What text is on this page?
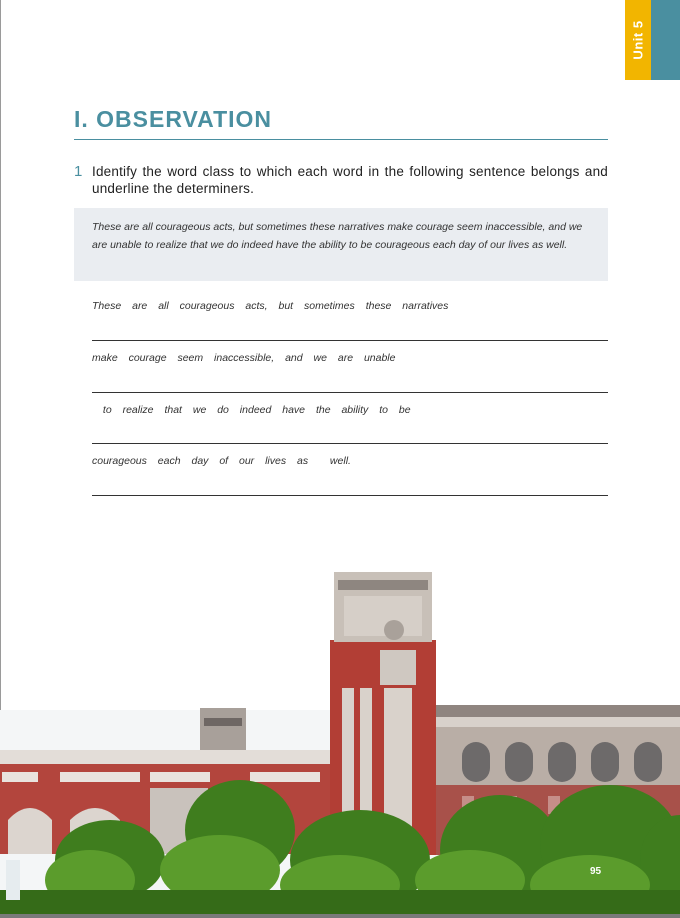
Unit 5
I. OBSERVATION
1 Identify the word class to which each word in the following sentence belongs and underline the determiners.
These are all courageous acts, but sometimes these narratives make courage seem inaccessible, and we are unable to realize that we do indeed have the ability to be courageous each day of our lives as well.
These are all courageous acts, but sometimes these narratives
make courage seem inaccessible, and we are unable
to realize that we do indeed have the ability to be
courageous each day of our lives as  well.
95
